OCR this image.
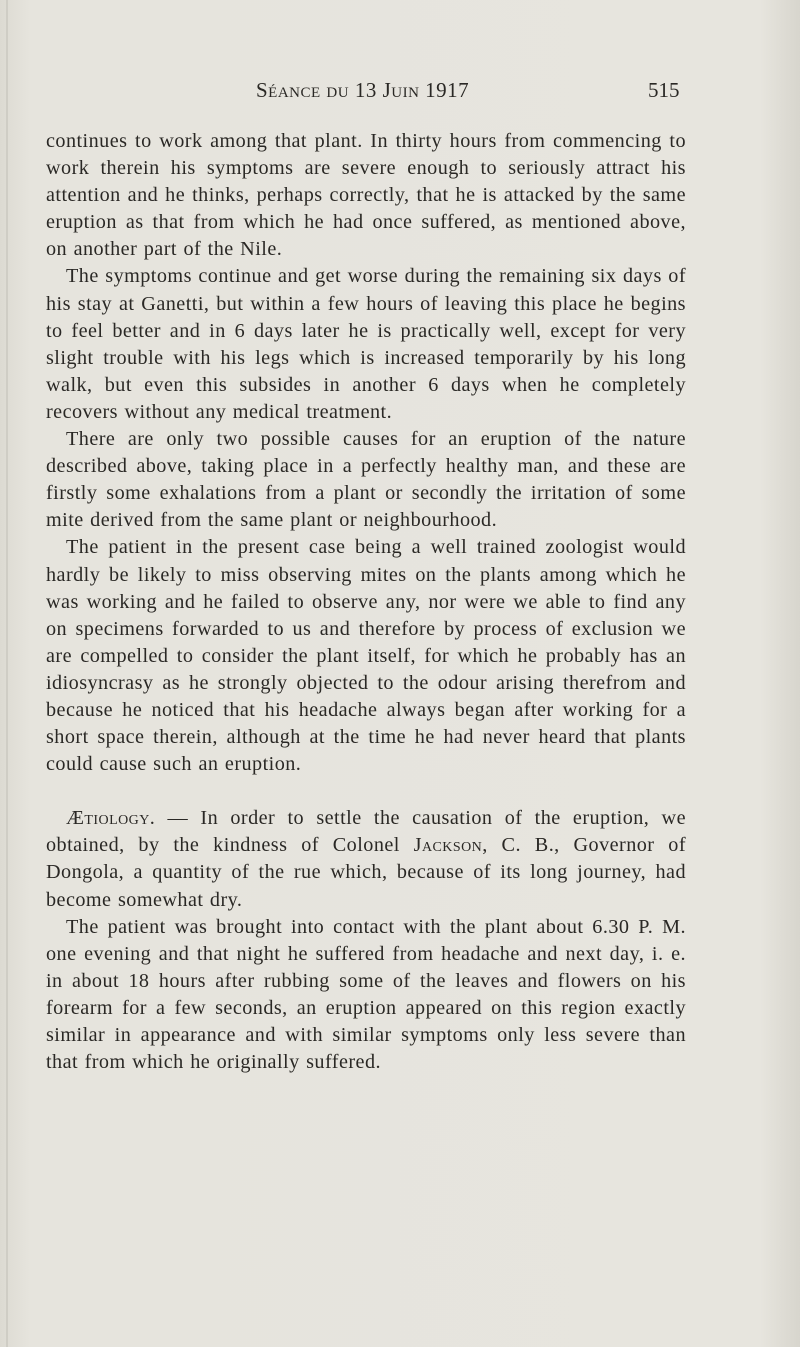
Séance du 13 Juin 1917	515

continues to work among that plant. In thirty hours from commencing to work therein his symptoms are severe enough to seriously attract his attention and he thinks, perhaps correctly, that he is attacked by the same eruption as that from which he had once suffered, as mentioned above, on another part of the Nile.

The symptoms continue and get worse during the remaining six days of his stay at Ganetti, but within a few hours of leaving this place he begins to feel better and in 6 days later he is practically well, except for very slight trouble with his legs which is increased temporarily by his long walk, but even this subsides in another 6 days when he completely recovers without any medical treatment.

There are only two possible causes for an eruption of the nature described above, taking place in a perfectly healthy man, and these are firstly some exhalations from a plant or secondly the irritation of some mite derived from the same plant or neighbourhood.

The patient in the present case being a well trained zoologist would hardly be likely to miss observing mites on the plants among which he was working and he failed to observe any, nor were we able to find any on specimens forwarded to us and therefore by process of exclusion we are compelled to consider the plant itself, for which he probably has an idiosyncrasy as he strongly objected to the odour arising therefrom and because he noticed that his headache always began after working for a short space therein, although at the time he had never heard that plants could cause such an eruption.

Ætiology. — In order to settle the causation of the eruption, we obtained, by the kindness of Colonel Jackson, C. B., Governor of Dongola, a quantity of the rue which, because of its long journey, had become somewhat dry.

The patient was brought into contact with the plant about 6.30 P. M. one evening and that night he suffered from headache and next day, i. e. in about 18 hours after rubbing some of the leaves and flowers on his forearm for a few seconds, an eruption appeared on this region exactly similar in appearance and with similar symptoms only less severe than that from which he originally suffered.
